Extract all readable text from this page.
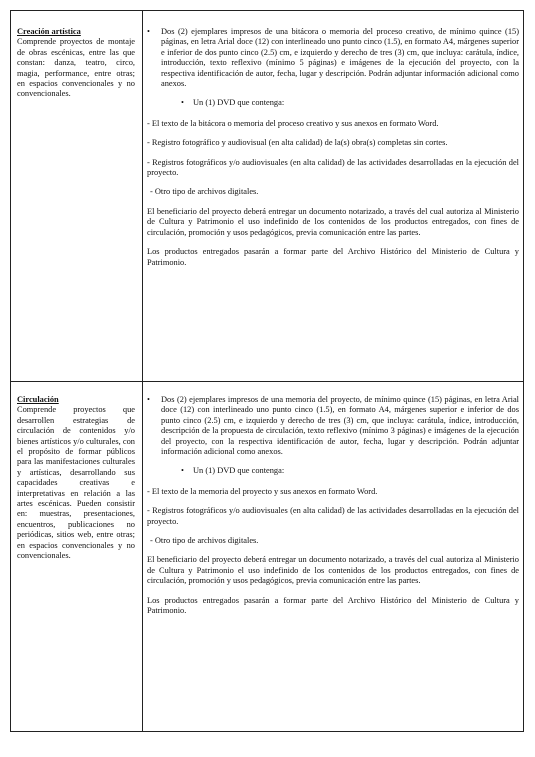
Creación artística
Comprende proyectos de montaje de obras escénicas, entre las que constan: danza, teatro, circo, magia, performance, entre otras; en espacios convencionales y no convencionales.

•	Dos (2) ejemplares impresos de una bitácora o memoria del proceso creativo, de mínimo quince (15) páginas, en letra Arial doce (12) con interlineado uno punto cinco (1.5), en formato A4, márgenes superior e inferior de dos punto cinco (2.5) cm, e izquierdo y derecho de tres (3) cm, que incluya: carátula, índice, introducción, texto reflexivo (mínimo 5 páginas) e imágenes de la ejecución del proyecto, con la respectiva identificación de autor, fecha, lugar y descripción. Podrán adjuntar información adicional como anexos.

• Un (1) DVD que contenga:

- El texto de la bitácora o memoria del proceso creativo y sus anexos en formato Word.

- Registro fotográfico y audiovisual (en alta calidad) de la(s) obra(s) completas sin cortes.

- Registros fotográficos y/o audiovisuales (en alta calidad) de las actividades desarrolladas en la ejecución del proyecto.

- Otro tipo de archivos digitales.

El beneficiario del proyecto deberá entregar un documento notarizado, a través del cual autoriza al Ministerio de Cultura y Patrimonio el uso indefinido de los contenidos de los productos entregados, con fines de circulación, promoción y usos pedagógicos, previa comunicación entre las partes.

Los productos entregados pasarán a formar parte del Archivo Histórico del Ministerio de Cultura y Patrimonio.

Circulación
Comprende proyectos que desarrollen estrategias de circulación de contenidos y/o bienes artísticos y/o culturales, con el propósito de formar públicos para las manifestaciones culturales y artísticas, desarrollando sus capacidades creativas e interpretativas en relación a las artes escénicas. Pueden consistir en: muestras, presentaciones, encuentros, publicaciones no periódicas, sitios web, entre otras; en espacios convencionales y no convencionales.

•	Dos (2) ejemplares impresos de una memoria del proyecto, de mínimo quince (15) páginas, en letra Arial doce (12) con interlineado uno punto cinco (1.5), en formato A4, márgenes superior e inferior de dos punto cinco (2.5) cm, e izquierdo y derecho de tres (3) cm, que incluya: carátula, índice, introducción, descripción de la propuesta de circulación, texto reflexivo (mínimo 3 páginas) e imágenes de la ejecución del proyecto, con la respectiva identificación de autor, fecha, lugar y descripción. Podrán adjuntar información adicional como anexos.

• Un (1) DVD que contenga:

- El texto de la memoria del proyecto y sus anexos en formato Word.

- Registros fotográficos y/o audiovisuales (en alta calidad) de las actividades desarrolladas en la ejecución del proyecto.

- Otro tipo de archivos digitales.

El beneficiario del proyecto deberá entregar un documento notarizado, a través del cual autoriza al Ministerio de Cultura y Patrimonio el uso indefinido de los contenidos de los productos entregados, con fines de circulación, promoción y usos pedagógicos, previa comunicación entre las partes.

Los productos entregados pasarán a formar parte del Archivo Histórico del Ministerio de Cultura y Patrimonio.
